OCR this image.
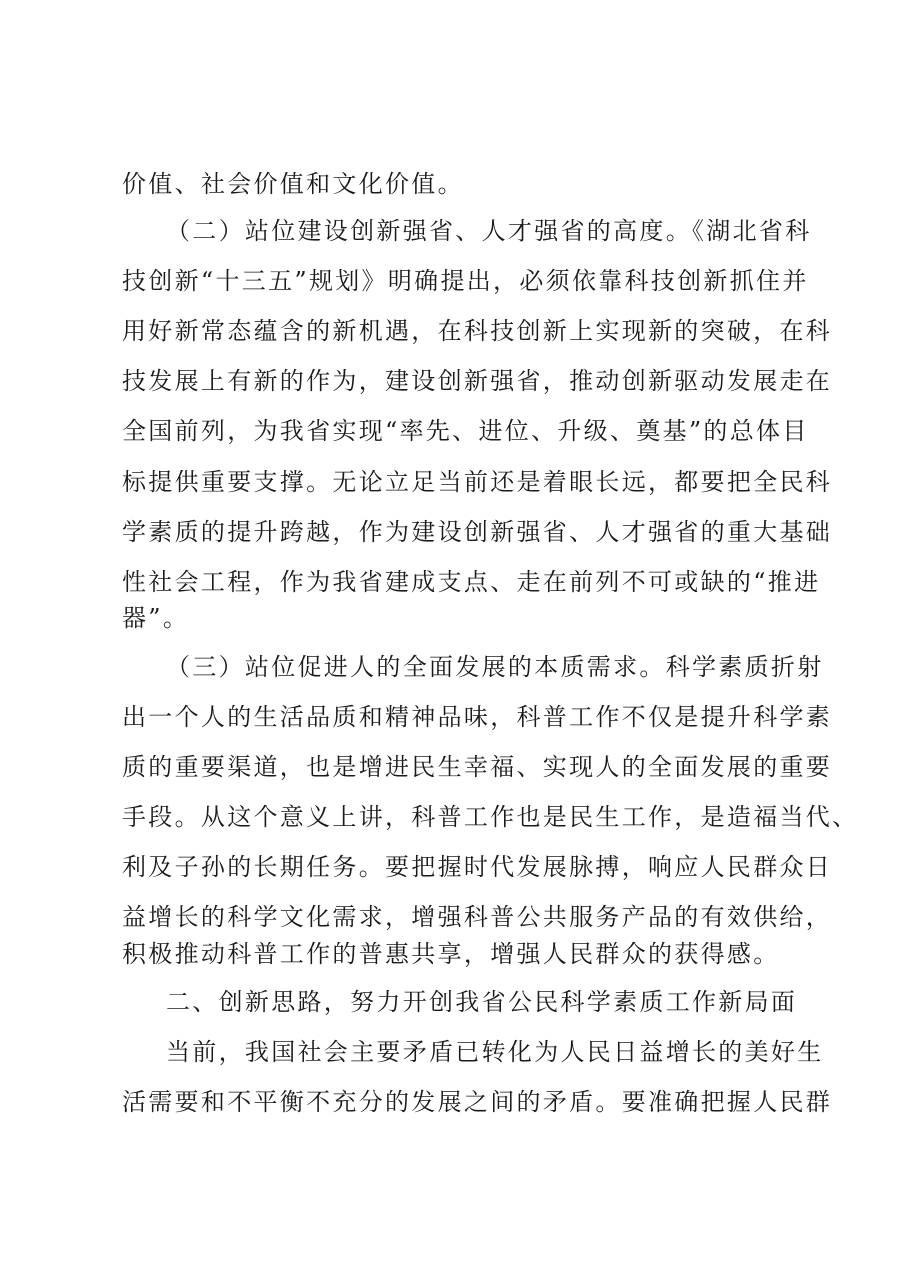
价值、社会价值和文化价值。
（二）站位建设创新强省、人才强省的高度。《湖北省科
技创新“十三五”规划》明确提出，必须依靠科技创新抓住并
用好新常态蕴含的新机遇，在科技创新上实现新的突破，在科
技发展上有新的作为，建设创新强省，推动创新驱动发展走在
全国前列，为我省实现“率先、进位、升级、奠基”的总体目
标提供重要支撑。无论立足当前还是着眼长远，都要把全民科
学素质的提升跨越，作为建设创新强省、人才强省的重大基础
性社会工程，作为我省建成支点、走在前列不可或缺的“推进
器”。
（三）站位促进人的全面发展的本质需求。科学素质折射
出一个人的生活品质和精神品味，科普工作不仅是提升科学素
质的重要渠道，也是增进民生幸福、实现人的全面发展的重要
手段。从这个意义上讲，科普工作也是民生工作，是造福当代、
利及子孙的长期任务。要把握时代发展脉搏，响应人民群众日
益增长的科学文化需求，增强科普公共服务产品的有效供给，
积极推动科普工作的普惠共享，增强人民群众的获得感。
二、创新思路，努力开创我省公民科学素质工作新局面
当前，我国社会主要矛盾已转化为人民日益增长的美好生
活需要和不平衡不充分的发展之间的矛盾。要准确把握人民群
